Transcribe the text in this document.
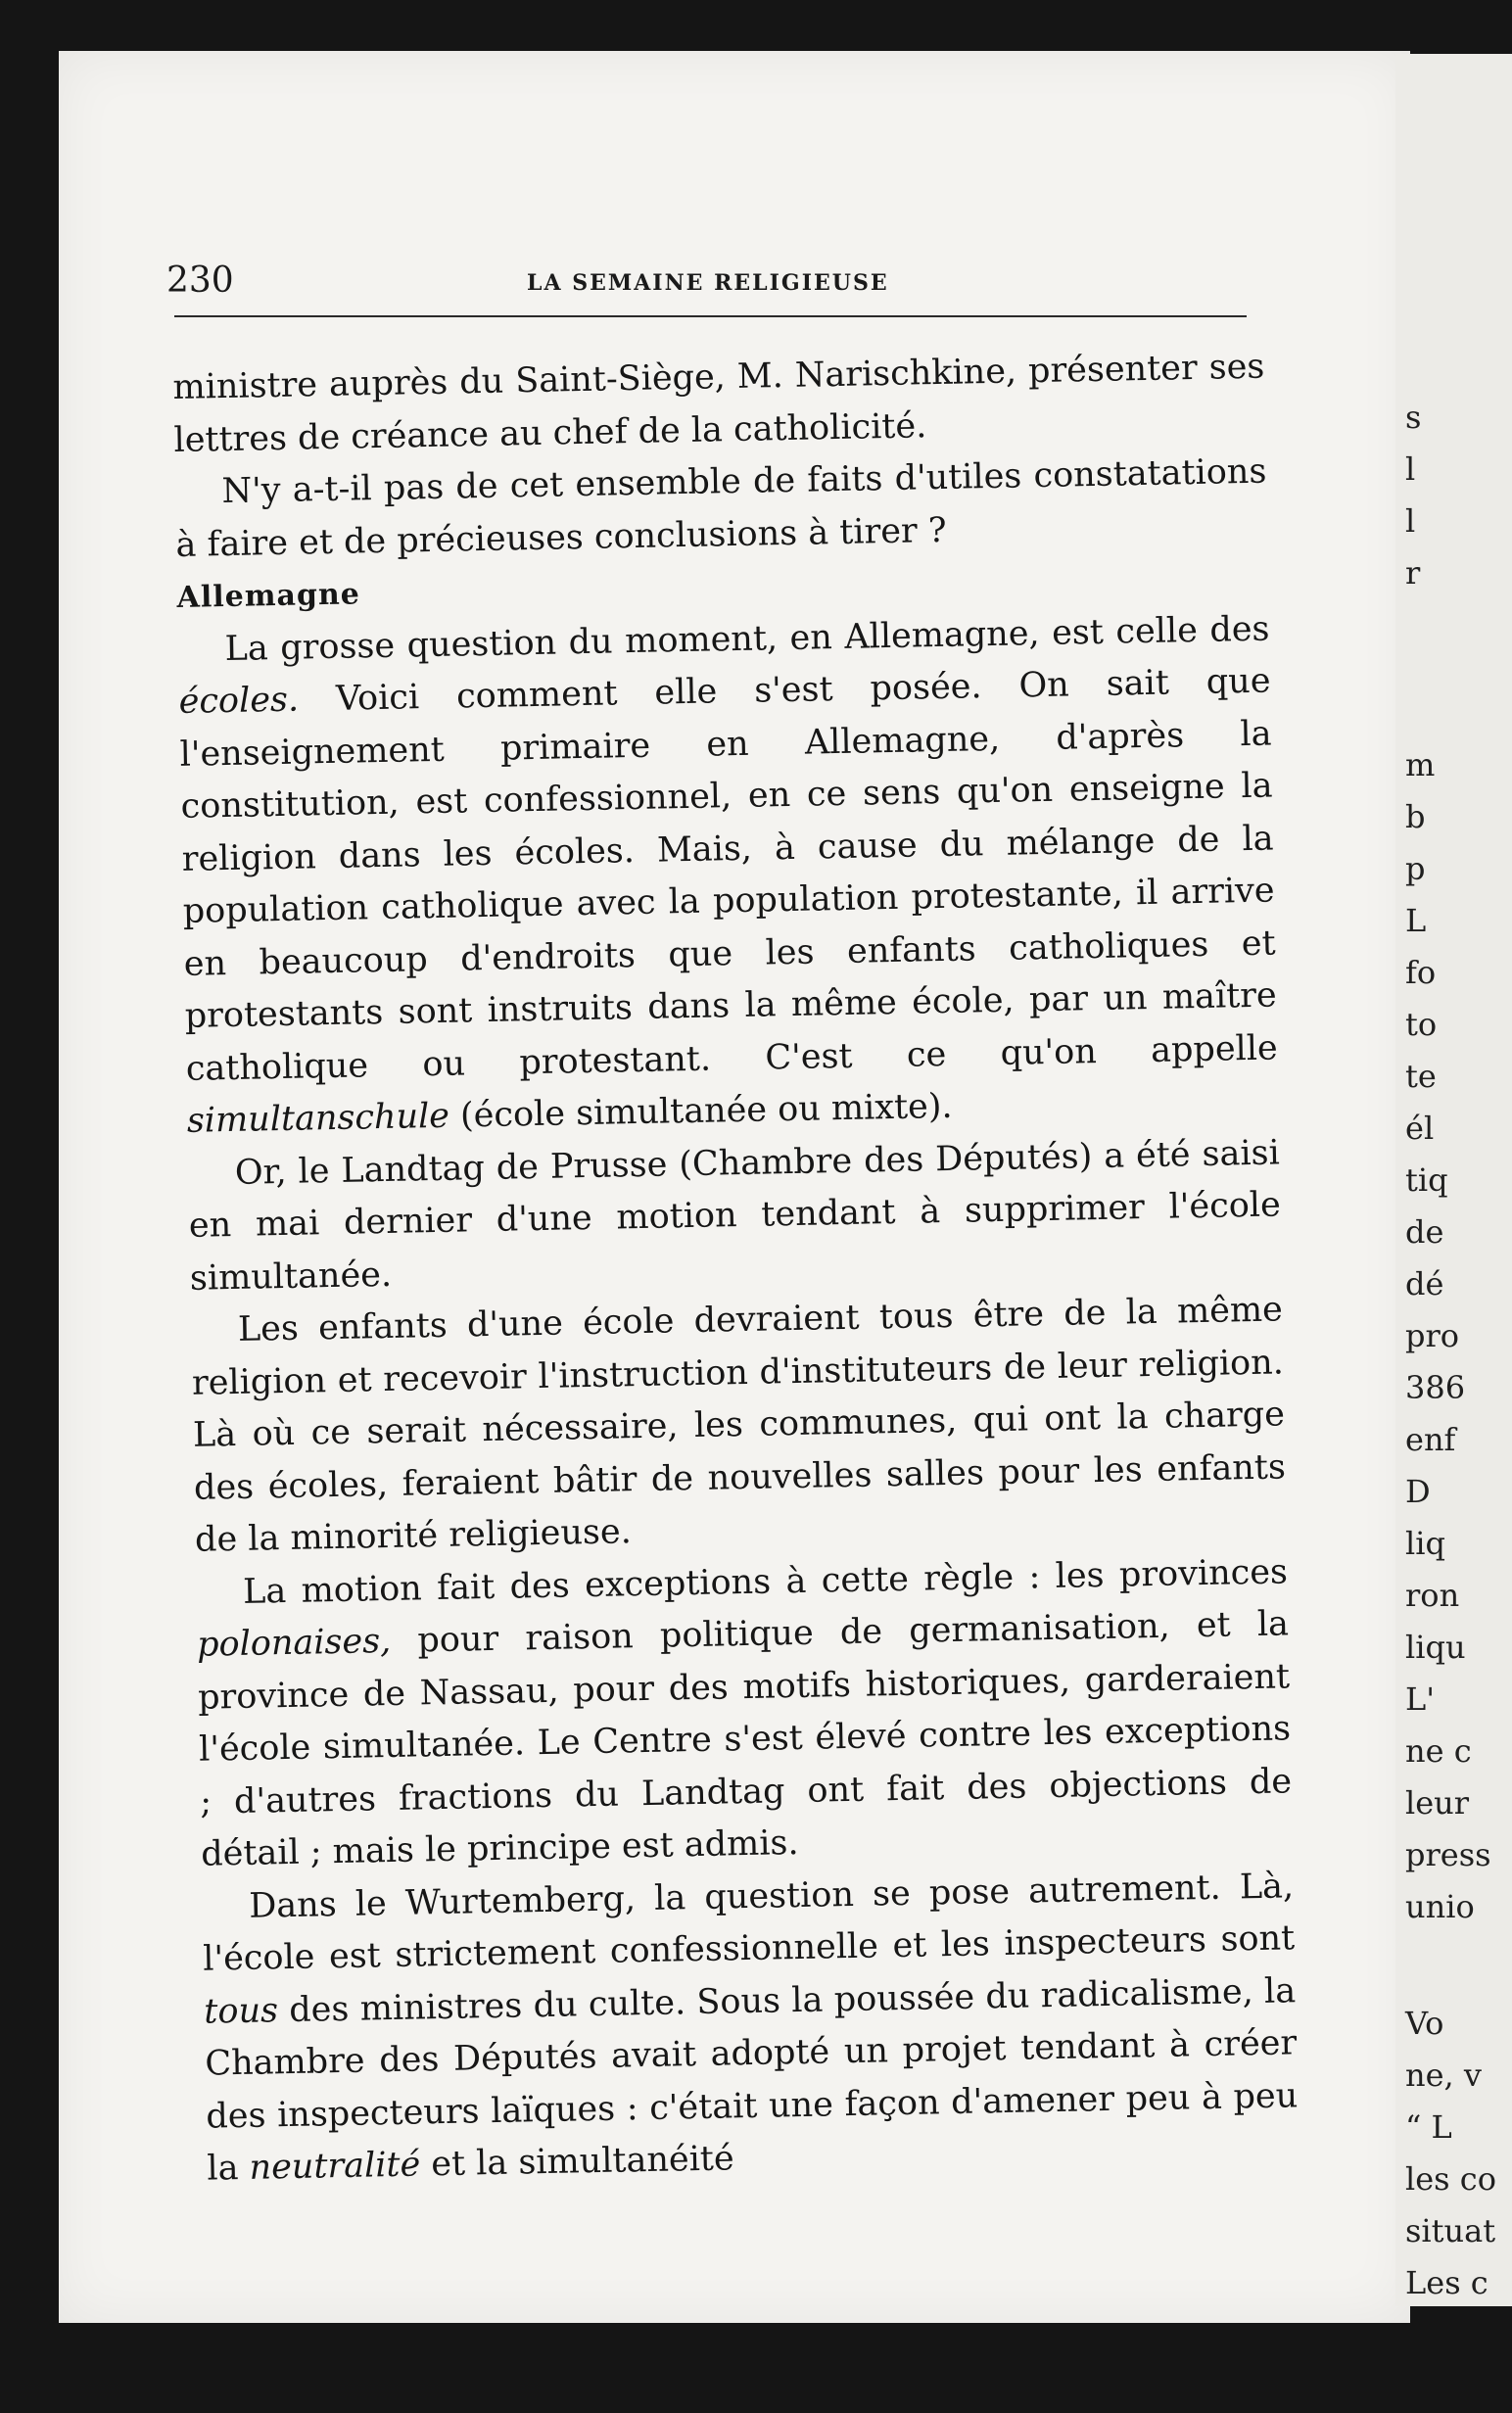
s
l
l
r
m
b
p
L
fo
to
te
él
tiq
de
dé
pro
386
enf
D
liq
ron
liqu
L'
ne c
leur
press
unio
Vo
ne, v
“ L
les co
situat
Les c
230	LA SEMAINE RELIGIEUSE

ministre auprès du Saint-Siège, M. Narischkine, présenter ses lettres de créance au chef de la catholicité.

N'y a-t-il pas de cet ensemble de faits d'utiles constatations à faire et de précieuses conclusions à tirer ?

Allemagne

La grosse question du moment, en Allemagne, est celle des écoles. Voici comment elle s'est posée. On sait que l'enseignement primaire en Allemagne, d'après la constitution, est confessionnel, en ce sens qu'on enseigne la religion dans les écoles. Mais, à cause du mélange de la population catholique avec la population protestante, il arrive en beaucoup d'endroits que les enfants catholiques et protestants sont instruits dans la même école, par un maître catholique ou protestant. C'est ce qu'on appelle simultanschule (école simultanée ou mixte).

Or, le Landtag de Prusse (Chambre des Députés) a été saisi en mai dernier d'une motion tendant à supprimer l'école simultanée.

Les enfants d'une école devraient tous être de la même religion et recevoir l'instruction d'instituteurs de leur religion. Là où ce serait nécessaire, les communes, qui ont la charge des écoles, feraient bâtir de nouvelles salles pour les enfants de la minorité religieuse.

La motion fait des exceptions à cette règle : les provinces polonaises, pour raison politique de germanisation, et la province de Nassau, pour des motifs historiques, garderaient l'école simultanée. Le Centre s'est élevé contre les exceptions ; d'autres fractions du Landtag ont fait des objections de détail ; mais le principe est admis.

Dans le Wurtemberg, la question se pose autrement. Là, l'école est strictement confessionnelle et les inspecteurs sont tous des ministres du culte. Sous la poussée du radicalisme, la Chambre des Députés avait adopté un projet tendant à créer des inspecteurs laïques : c'était une façon d'amener peu à peu la neutralité et la simultanéité
